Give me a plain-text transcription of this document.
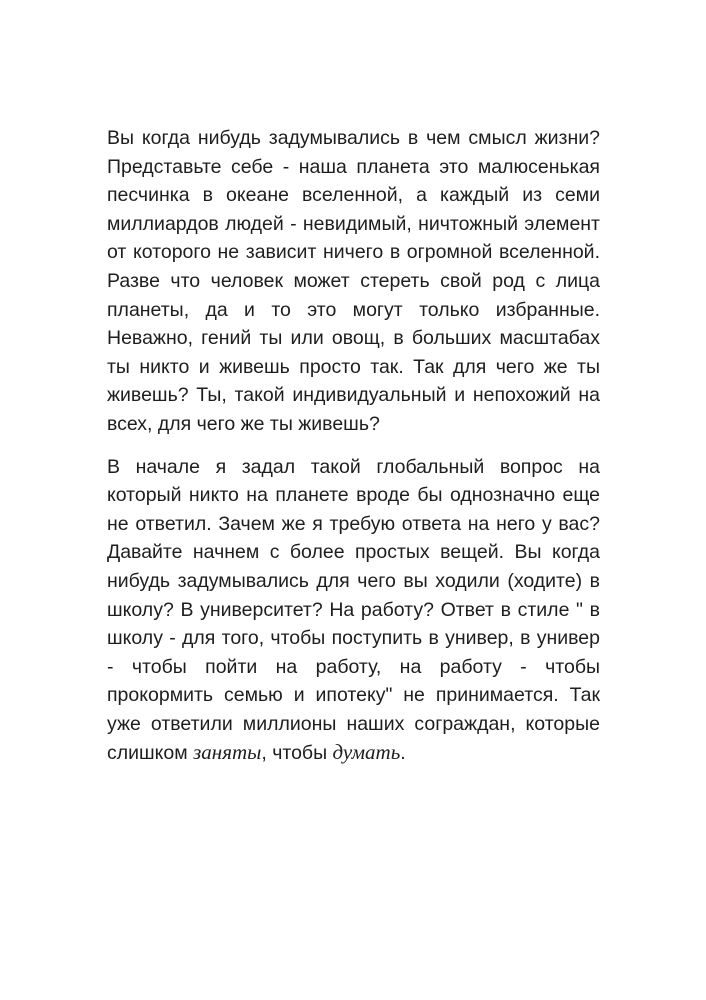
Вы когда нибудь задумывались в чем смысл жизни? Представьте себе - наша планета это малюсенькая песчинка в океане вселенной, а каждый из семи миллиардов людей - невидимый, ничтожный элемент от которого не зависит ничего в огромной вселенной. Разве что человек может стереть свой род с лица планеты, да и то это могут только избранные. Неважно, гений ты или овощ, в больших масштабах ты никто и живешь просто так. Так для чего же ты живешь? Ты, такой индивидуальный и непохожий на всех, для чего же ты живешь?

В начале я задал такой глобальный вопрос на который никто на планете вроде бы однозначно еще не ответил. Зачем же я требую ответа на него у вас? Давайте начнем с более простых вещей. Вы когда нибудь задумывались для чего вы ходили (ходите) в школу? В университет? На работу? Ответ в стиле " в школу - для того, чтобы поступить в универ, в универ - чтобы пойти на работу, на работу - чтобы прокормить семью и ипотеку" не принимается. Так уже ответили миллионы наших сограждан, которые слишком заняты, чтобы думать.
